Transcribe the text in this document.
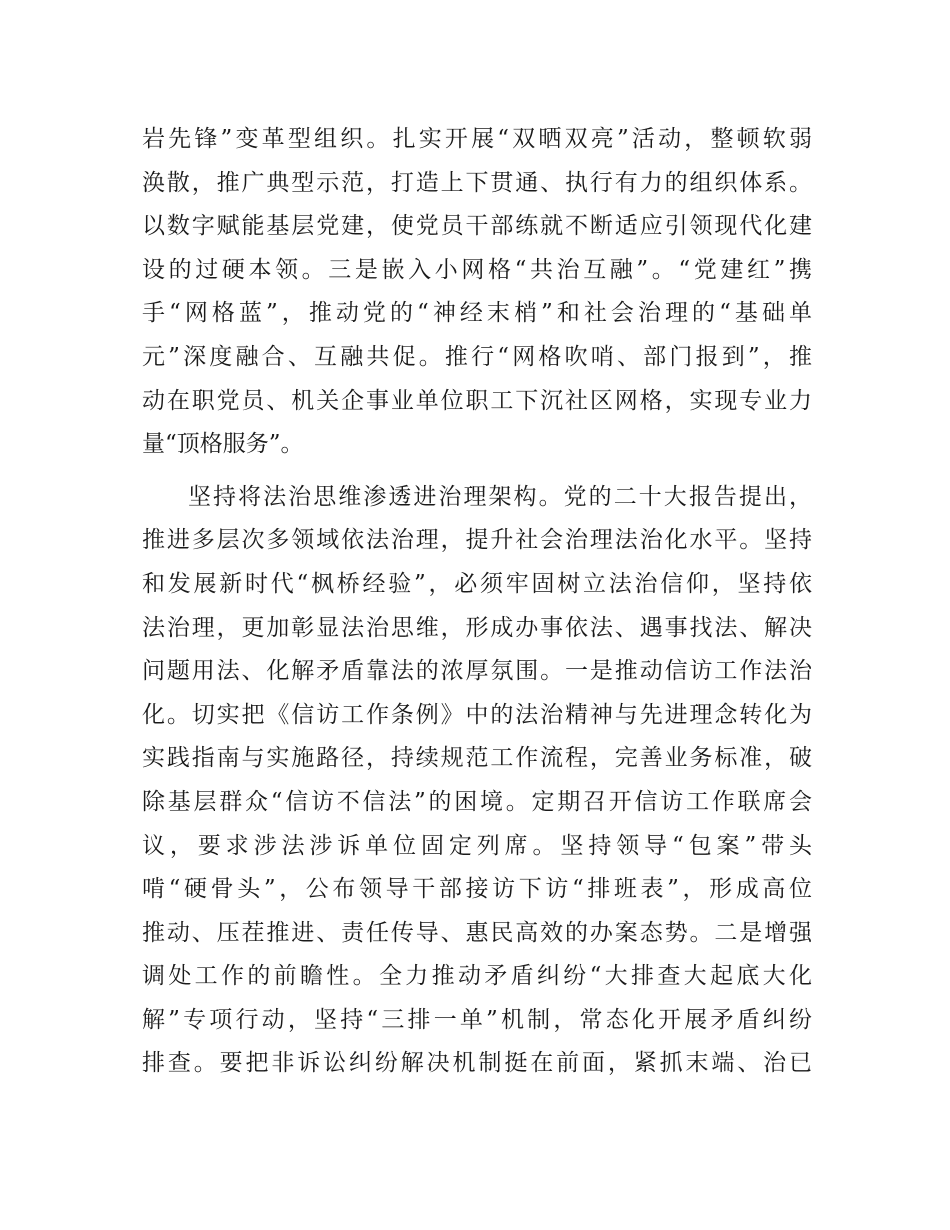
岩先锋”变革型组织。扎实开展“双晒双亮”活动，整顿软弱
涣散，推广典型示范，打造上下贯通、执行有力的组织体系。
以数字赋能基层党建，使党员干部练就不断适应引领现代化建
设的过硬本领。三是嵌入小网格“共治互融”。“党建红”携
手“网格蓝”，推动党的“神经末梢”和社会治理的“基础单
元”深度融合、互融共促。推行“网格吹哨、部门报到”，推
动在职党员、机关企事业单位职工下沉社区网格，实现专业力
量“顶格服务”。
坚持将法治思维渗透进治理架构。党的二十大报告提出，
推进多层次多领域依法治理，提升社会治理法治化水平。坚持
和发展新时代“枫桥经验”，必须牢固树立法治信仰，坚持依
法治理，更加彰显法治思维，形成办事依法、遇事找法、解决
问题用法、化解矛盾靠法的浓厚氛围。一是推动信访工作法治
化。切实把《信访工作条例》中的法治精神与先进理念转化为
实践指南与实施路径，持续规范工作流程，完善业务标准，破
除基层群众“信访不信法”的困境。定期召开信访工作联席会
议，要求涉法涉诉单位固定列席。坚持领导“包案”带头
啃“硬骨头”，公布领导干部接访下访“排班表”，形成高位
推动、压茬推进、责任传导、惠民高效的办案态势。二是增强
调处工作的前瞻性。全力推动矛盾纠纷“大排查大起底大化
解”专项行动，坚持“三排一单”机制，常态化开展矛盾纠纷
排查。要把非诉讼纠纷解决机制挺在前面，紧抓末端、治已
